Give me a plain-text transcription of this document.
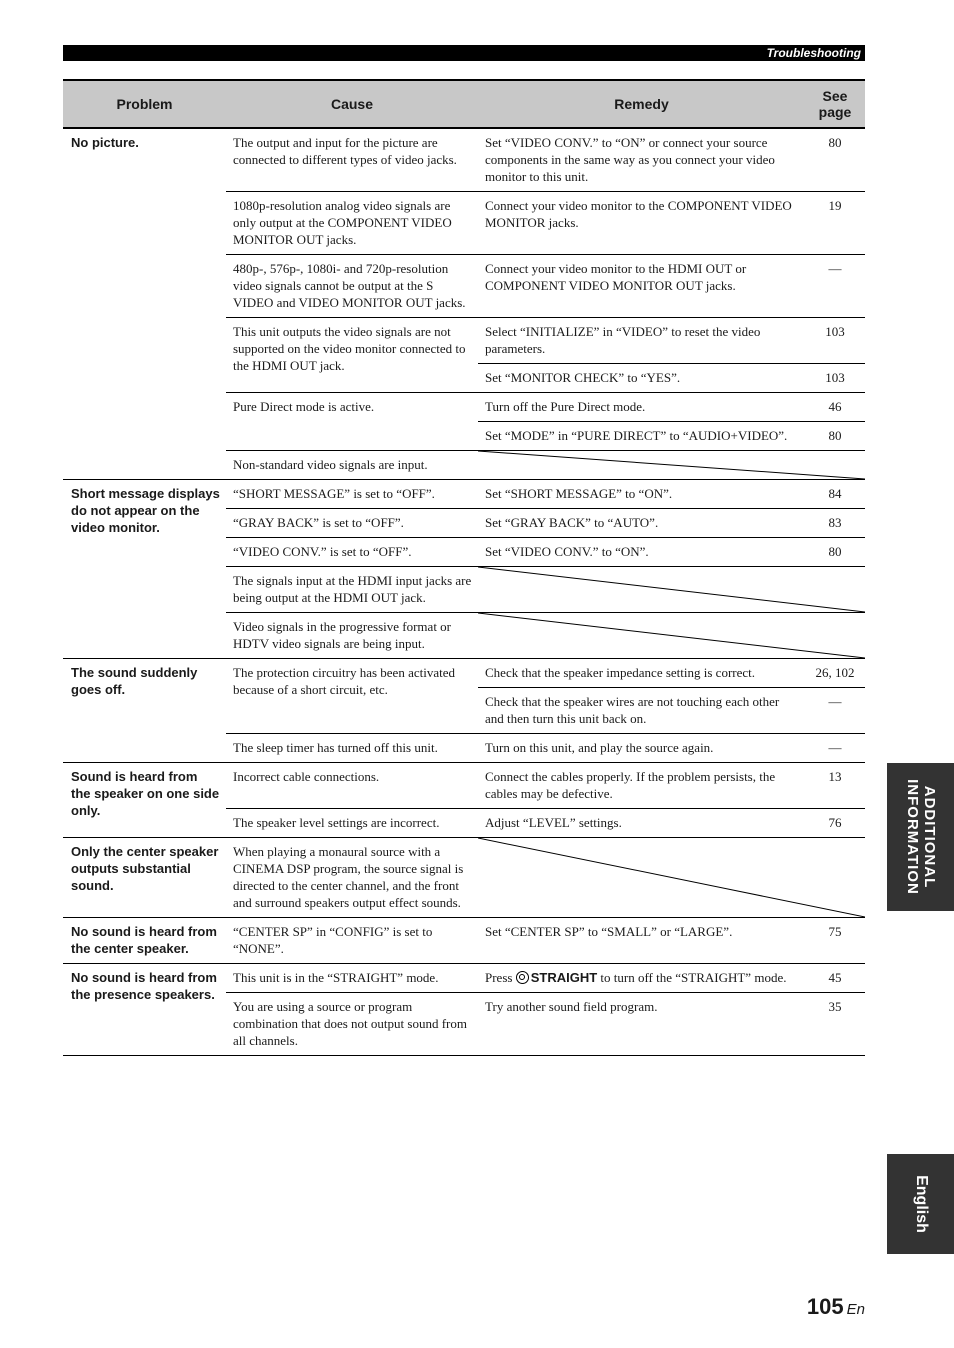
Troubleshooting
Problem	Cause	Remedy	See page
No picture.	The output and input for the picture are connected to different types of video jacks.	Set “VIDEO CONV.” to “ON” or connect your source components in the same way as you connect your video monitor to this unit.	80
	1080p-resolution analog video signals are only output at the COMPONENT VIDEO MONITOR OUT jacks.	Connect your video monitor to the COMPONENT VIDEO MONITOR jacks.	19
	480p-, 576p-, 1080i- and 720p-resolution video signals cannot be output at the S VIDEO and VIDEO MONITOR OUT jacks.	Connect your video monitor to the HDMI OUT or COMPONENT VIDEO MONITOR OUT jacks.	—
	This unit outputs the video signals are not supported on the video monitor connected to the HDMI OUT jack.	Select “INITIALIZE” in “VIDEO” to reset the video parameters.	103
		Set “MONITOR CHECK” to “YES”.	103
	Pure Direct mode is active.	Turn off the Pure Direct mode.	46
		Set “MODE” in “PURE DIRECT” to “AUDIO+VIDEO”.	80
	Non-standard video signals are input.	

Short message displays do not appear on the video monitor.	“SHORT MESSAGE” is set to “OFF”.	Set “SHORT MESSAGE” to “ON”.	84
	“GRAY BACK” is set to “OFF”.	Set “GRAY BACK” to “AUTO”.	83
	“VIDEO CONV.” is set to “OFF”.	Set “VIDEO CONV.” to “ON”.	80
	The signals input at the HDMI input jacks are being output at the HDMI OUT jack.	

	Video signals in the progressive format or HDTV video signals are being input.	

The sound suddenly goes off.	The protection circuitry has been activated because of a short circuit, etc.	Check that the speaker impedance setting is correct.	26, 102
		Check that the speaker wires are not touching each other and then turn this unit back on.	—
	The sleep timer has turned off this unit.	Turn on this unit, and play the source again.	—
Sound is heard from the speaker on one side only.	Incorrect cable connections.	Connect the cables properly. If the problem persists, the cables may be defective.	13
	The speaker level settings are incorrect.	Adjust “LEVEL” settings.	76
Only the center speaker outputs substantial sound.	When playing a monaural source with a CINEMA DSP program, the source signal is directed to the center channel, and the front and surround speakers output effect sounds.	

No sound is heard from the center speaker.	“CENTER SP” in “CONFIG” is set to “NONE”.	Set “CENTER SP” to “SMALL” or “LARGE”.	75
No sound is heard from the presence speakers.	This unit is in the “STRAIGHT” mode.	Press STRAIGHT to turn off the “STRAIGHT” mode.	45
	You are using a source or program combination that does not output sound from all channels.	Try another sound field program.	35
ADDITIONAL
INFORMATION
English
105 En
